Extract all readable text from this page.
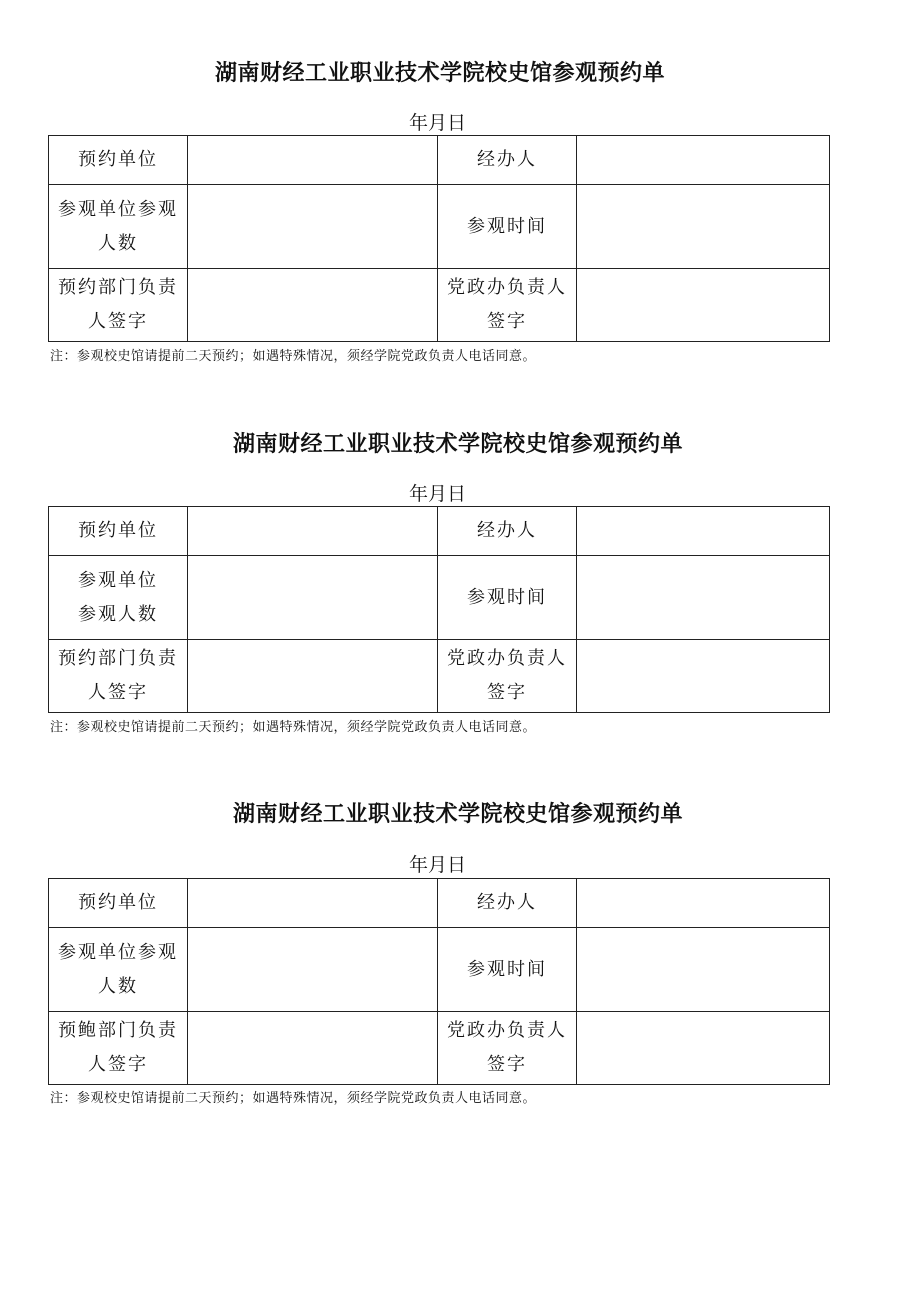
湖南财经工业职业技术学院校史馆参观预约单
年月日
预约单位		经办人	
参观单位参观
人数		参观时间	
预约部门负责
人签字		党政办负责人
签字	
注：参观校史馆请提前二天预约；如遇特殊情况，须经学院党政负责人电话同意。
湖南财经工业职业技术学院校史馆参观预约单
年月日
预约单位		经办人	
参观单位
参观人数		参观时间	
预约部门负责
人签字		党政办负责人
签字	
注：参观校史馆请提前二天预约；如遇特殊情况，须经学院党政负责人电话同意。
湖南财经工业职业技术学院校史馆参观预约单
年月日
预约单位		经办人	
参观单位参观
人数		参观时间	
预鲍部门负责
人签字		党政办负责人
签字	
注：参观校史馆请提前二天预约；如遇特殊情况，须经学院党政负责人电话同意。
